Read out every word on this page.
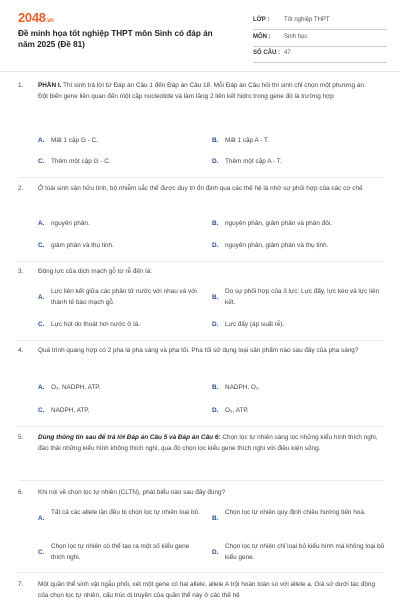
2048.vn
Đề minh họa tốt nghiệp THPT môn Sinh có đáp án năm 2025 (Đề 81)
LỚP : Tốt nghiệp THPT
MÔN : Sinh học
SỐ CÂU : 47
1. PHẦN I. Thí sinh trả lời từ Đáp án Câu 1 đến Đáp án Câu 18. Mỗi Đáp án Câu hỏi thí sinh chỉ chọn một phương án.
Đột biến gene liên quan đến một cặp nucleotide và làm tăng 2 liên kết hidro trong gene đó là trường hợp
A. Mất 1 cặp G - C.	B. Mất 1 cặp A - T.
C. Thêm một cặp G - C.	D. Thêm một cặp A - T.
2. Ở loài sinh sản hữu tính, bộ nhiễm sắc thể được duy trì ổn định qua các thế hệ là nhờ sự phối hợp của các cơ chế
A. nguyên phân.	B. nguyên phân, giảm phân và phân đôi.
C. giảm phân và thụ tinh.	D. nguyên phân, giảm phân và thụ tinh.
3. Động lực của dịch mạch gỗ từ rễ đến lá:
A.
Lực liên kết giữa các phân tử nước với nhau và với thành tế bào mạch gỗ.
B.
Do sự phối hợp của 3 lực: Lực đẩy, lực kéo và lực liên kết.
C. Lực hút do thoát hơi nước ở lá.	D. Lực đẩy (áp suất rễ).
4. Quá trình quang hợp có 2 pha là pha sáng và pha tối. Pha tối sử dụng loại sản phẩm nào sau đây của pha sáng?
A. O₂, NADPH, ATP.	B. NADPH, O₂.
C. NADPH, ATP.	D. O₂, ATP.
5. Dùng thông tin sau để trả lời Đáp án Câu 5 và Đáp án Câu 6: Chọn lọc tự nhiên sàng lọc những kiểu hình thích nghi, đào thải những kiểu hình không thích nghi, qua đó chọn lọc kiểu gene thích nghi với điều kiện sống.
6. Khi nói về chọn lọc tự nhiên (CLTN), phát biểu nào sau đây đúng?
A.
Tất cả các allele lặn đều bị chọn lọc tự nhiên loại bỏ.
B.
Chọn lọc tự nhiên quy định chiều hướng tiến hoá.
C.
Chọn lọc tự nhiên có thể tạo ra một số kiểu gene thích nghi.
D.
Chọn lọc tự nhiên chỉ loại bỏ kiểu hình mà không loại bỏ kiểu gene.
7. Một quần thể sinh vật ngẫu phối, xét một gene có hai allele, allele A trội hoàn toàn so với allele a. Giả sử dưới tác động của chọn lọc tự nhiên, cấu trúc di truyền của quần thể này ở các thế hệ
